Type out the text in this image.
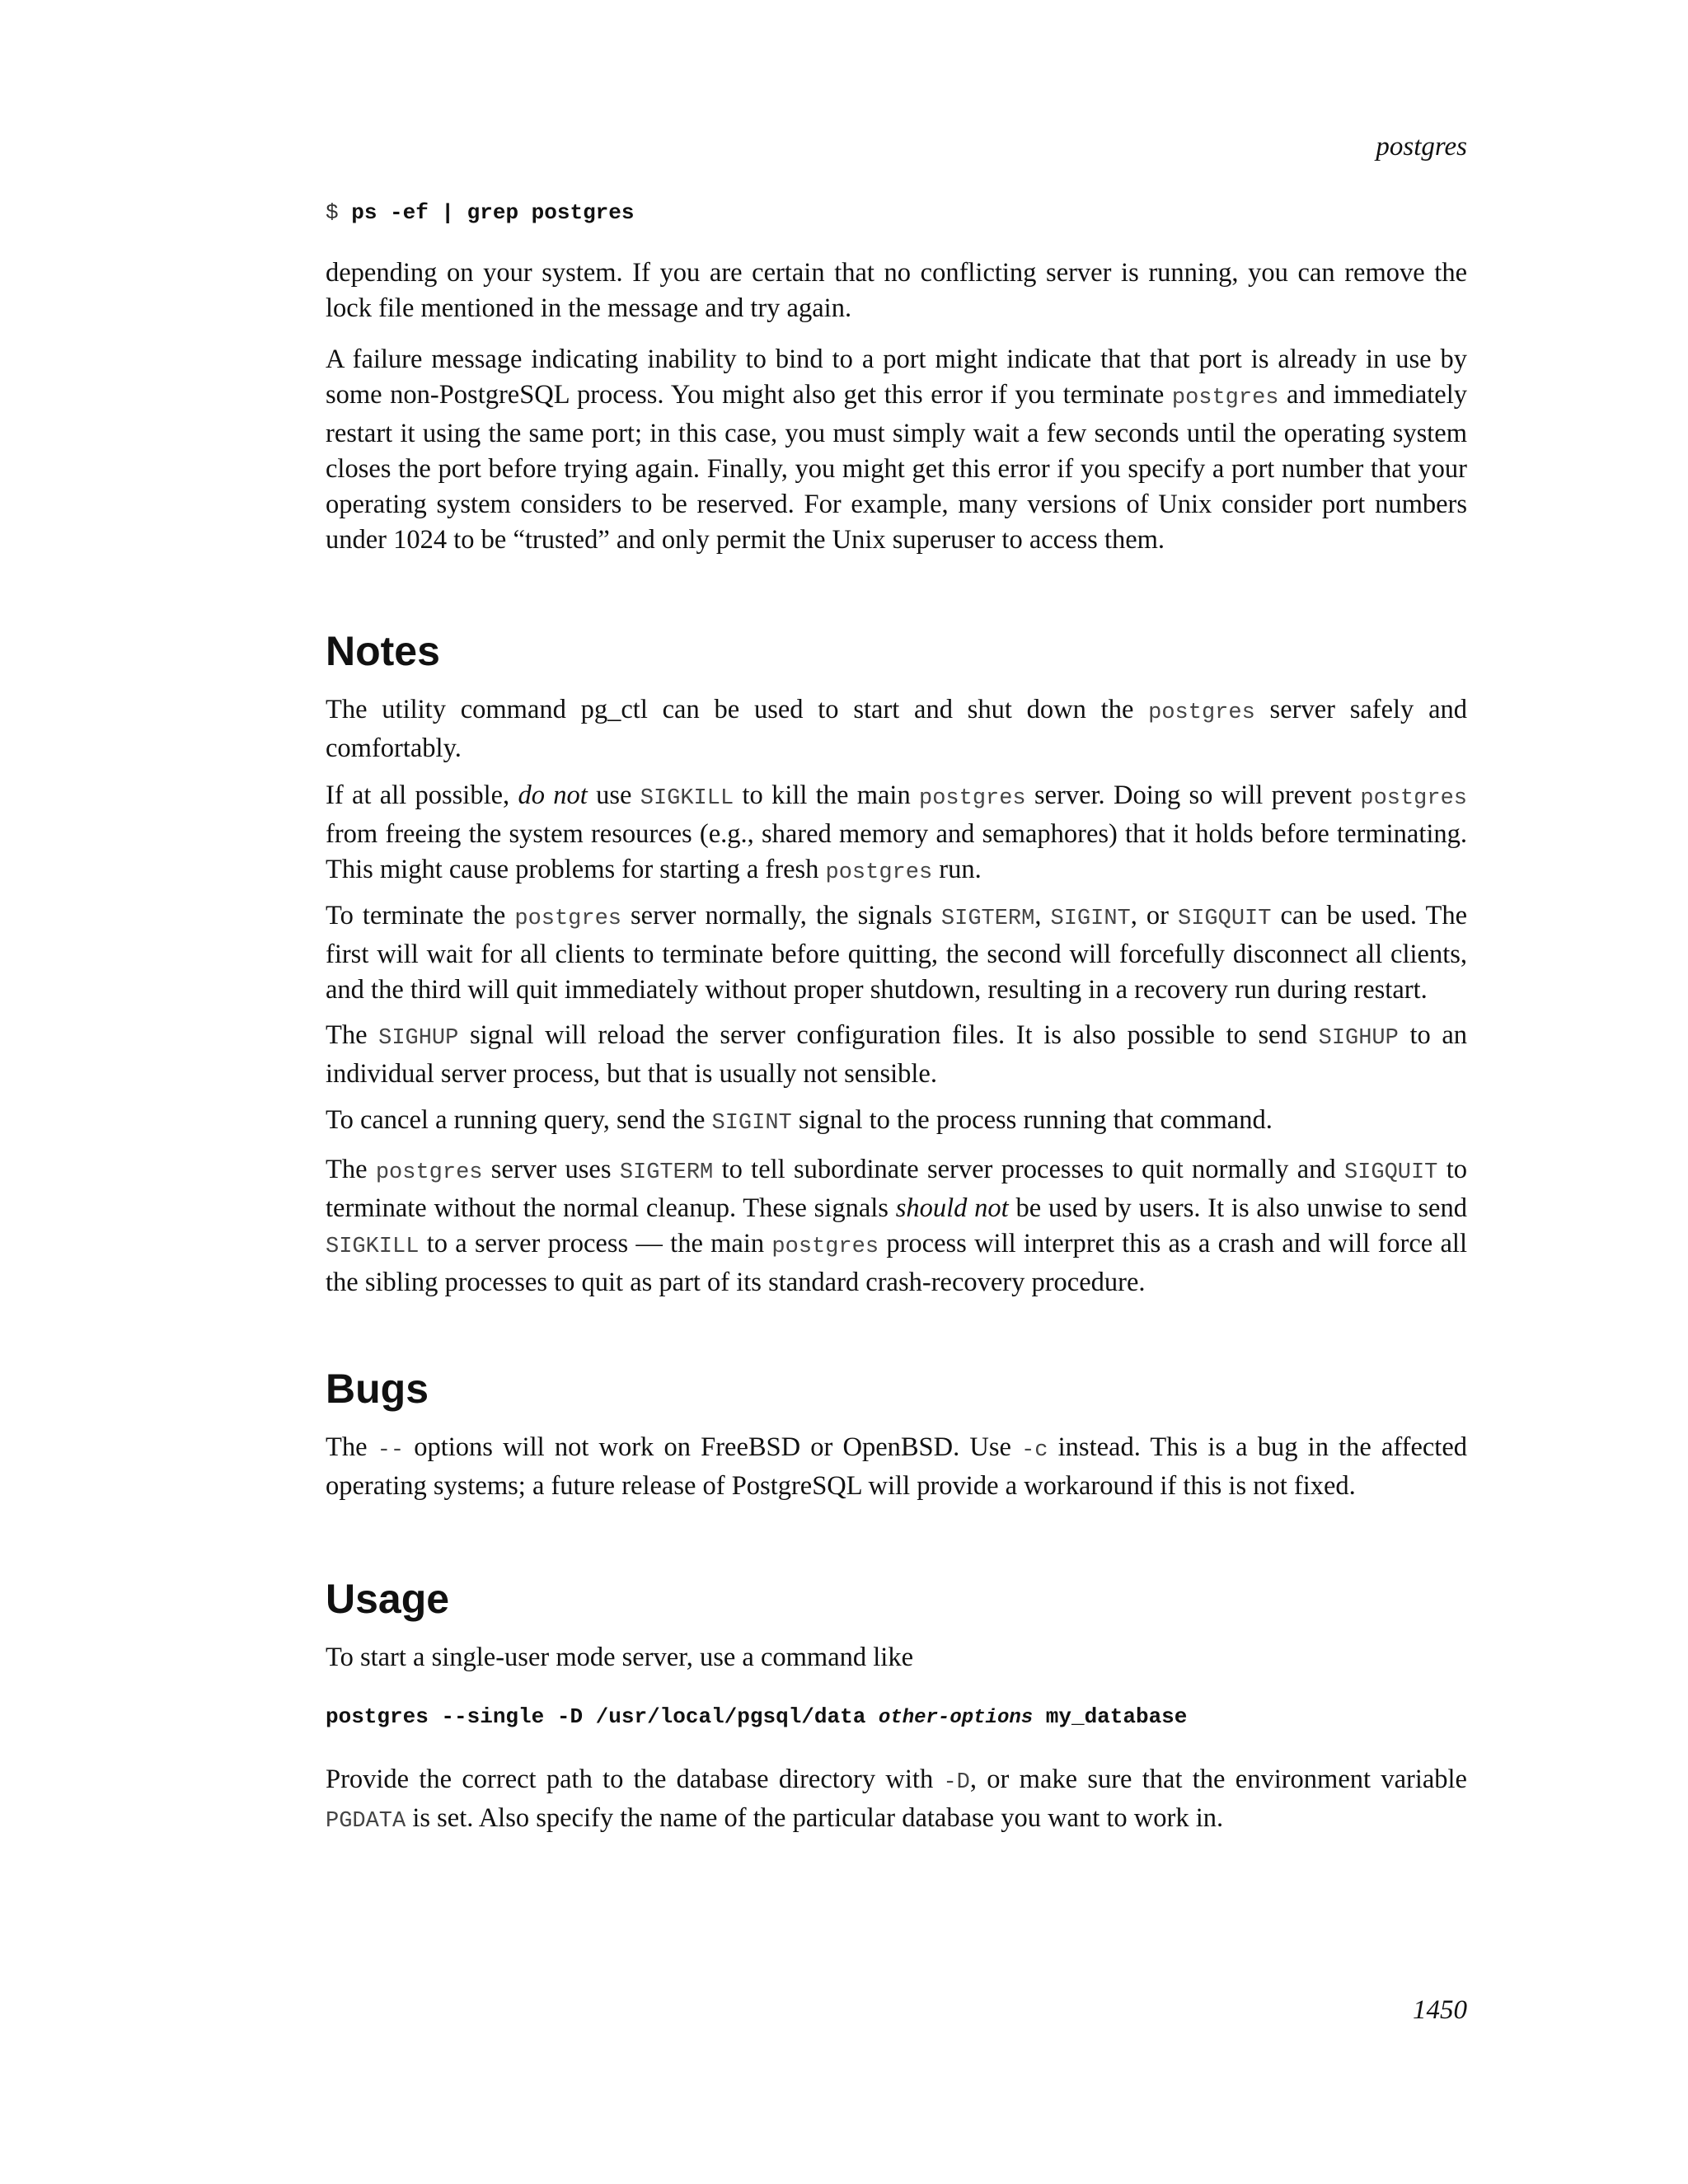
postgres

$ ps -ef | grep postgres

depending on your system. If you are certain that no conflicting server is running, you can remove the lock file mentioned in the message and try again.

A failure message indicating inability to bind to a port might indicate that that port is already in use by some non-PostgreSQL process. You might also get this error if you terminate postgres and immediately restart it using the same port; in this case, you must simply wait a few seconds until the operating system closes the port before trying again. Finally, you might get this error if you specify a port number that your operating system considers to be reserved. For example, many versions of Unix consider port numbers under 1024 to be “trusted” and only permit the Unix superuser to access them.

Notes

The utility command pg_ctl can be used to start and shut down the postgres server safely and comfortably.

If at all possible, do not use SIGKILL to kill the main postgres server. Doing so will prevent postgres from freeing the system resources (e.g., shared memory and semaphores) that it holds before terminating. This might cause problems for starting a fresh postgres run.

To terminate the postgres server normally, the signals SIGTERM, SIGINT, or SIGQUIT can be used. The first will wait for all clients to terminate before quitting, the second will forcefully disconnect all clients, and the third will quit immediately without proper shutdown, resulting in a recovery run during restart.

The SIGHUP signal will reload the server configuration files. It is also possible to send SIGHUP to an individual server process, but that is usually not sensible.

To cancel a running query, send the SIGINT signal to the process running that command.

The postgres server uses SIGTERM to tell subordinate server processes to quit normally and SIGQUIT to terminate without the normal cleanup. These signals should not be used by users. It is also unwise to send SIGKILL to a server process — the main postgres process will interpret this as a crash and will force all the sibling processes to quit as part of its standard crash-recovery procedure.

Bugs

The -- options will not work on FreeBSD or OpenBSD. Use -c instead. This is a bug in the affected operating systems; a future release of PostgreSQL will provide a workaround if this is not fixed.

Usage

To start a single-user mode server, use a command like

postgres --single -D /usr/local/pgsql/data other-options my_database

Provide the correct path to the database directory with -D, or make sure that the environment variable PGDATA is set. Also specify the name of the particular database you want to work in.

1450
